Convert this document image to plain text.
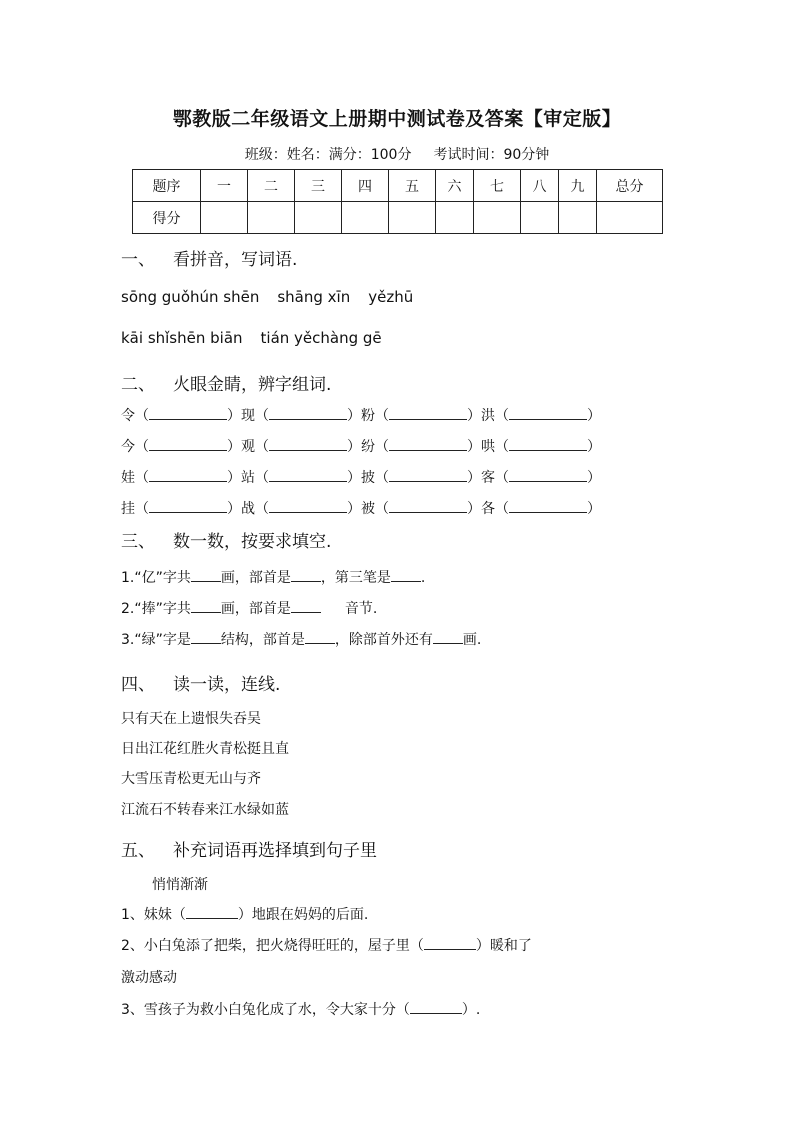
鄂教版二年级语文上册期中测试卷及答案【审定版】
班级：姓名：满分：100分 考试时间：90分钟
题序	一	二	三	四	五	六	七	八	九	总分
得分										
一、 看拼音，写词语.
sōng guǒhún shēn shāng xīn yězhū
kāi shǐshēn biān tián yěchàng gē
二、 火眼金睛，辨字组词.
令（	）现（	）粉（	）洪（	）
今（	）观（	）纷（	）哄（	）
娃（	）站（	）披（	）客（	）
挂（	）战（	）被（	）各（	）
三、 数一数，按要求填空.
1.“亿”字共 画，部首是 ，第三笔是 .
2.“捧”字共 画，部首是	音节.
3.“绿”字是 结构，部首是 ，除部首外还有 画.
四、 读一读，连线.
只有天在上遗恨失吞吴
日出江花红胜火青松挺且直
大雪压青松更无山与齐
江流石不转春来江水绿如蓝
五、 补充词语再选择填到句子里
悄悄渐渐
1、妹妹（	）地跟在妈妈的后面.
2、小白兔添了把柴，把火烧得旺旺的，屋子里（	）暖和了
激动感动
3、雪孩子为救小白兔化成了水，令大家十分（	）.
